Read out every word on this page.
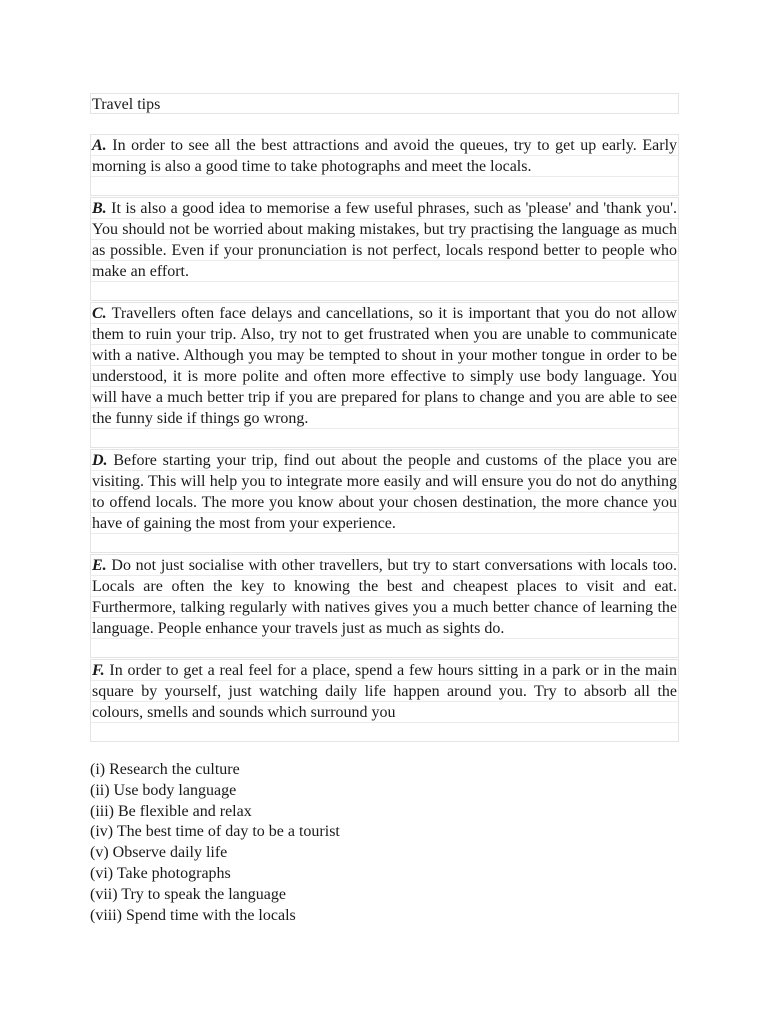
Travel tips
A. In order to see all the best attractions and avoid the queues, try to get up early. Early morning is also a good time to take photographs and meet the locals.
B. It is also a good idea to memorise a few useful phrases, such as 'please' and 'thank you'. You should not be worried about making mistakes, but try practising the language as much as possible. Even if your pronunciation is not perfect, locals respond better to people who make an effort.
C. Travellers often face delays and cancellations, so it is important that you do not allow them to ruin your trip. Also, try not to get frustrated when you are unable to communicate with a native. Although you may be tempted to shout in your mother tongue in order to be understood, it is more polite and often more effective to simply use body language. You will have a much better trip if you are prepared for plans to change and you are able to see the funny side if things go wrong.
D. Before starting your trip, find out about the people and customs of the place you are visiting. This will help you to integrate more easily and will ensure you do not do anything to offend locals. The more you know about your chosen destination, the more chance you have of gaining the most from your experience.
E. Do not just socialise with other travellers, but try to start conversations with locals too. Locals are often the key to knowing the best and cheapest places to visit and eat. Furthermore, talking regularly with natives gives you a much better chance of learning the language. People enhance your travels just as much as sights do.
F. In order to get a real feel for a place, spend a few hours sitting in a park or in the main square by yourself, just watching daily life happen around you. Try to absorb all the colours, smells and sounds which surround you
(i) Research the culture
(ii) Use body language
(iii) Be flexible and relax
(iv) The best time of day to be a tourist
(v) Observe daily life
(vi) Take photographs
(vii) Try to speak the language
(viii) Spend time with the locals
